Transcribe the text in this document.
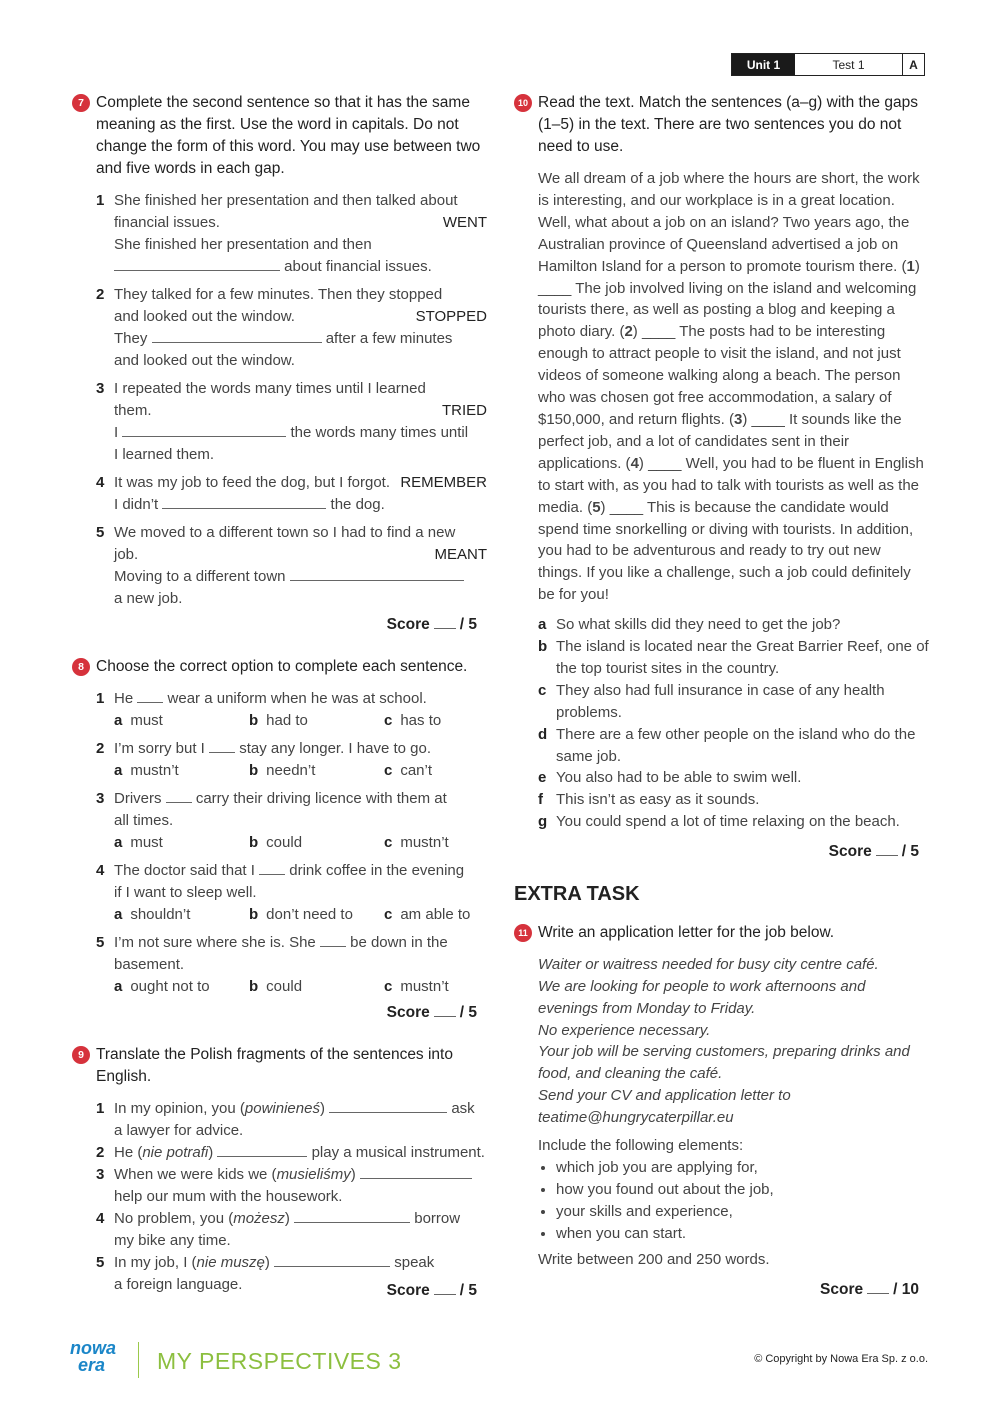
Unit 1	Test 1	A
7 Complete the second sentence so that it has the same meaning as the first. Use the word in capitals. Do not change the form of this word. You may use between two and five words in each gap.
1 She finished her presentation and then talked about
financial issues.	WENT
She finished her presentation and then
about financial issues.
2 They talked for a few minutes. Then they stopped
and looked out the window.	STOPPED
They	after a few minutes
and looked out the window.
3 I repeated the words many times until I learned
them.	TRIED
I	the words many times until
I learned them.
4 It was my job to feed the dog, but I forgot. REMEMBER
I didn’t	the dog.
5 We moved to a different town so I had to find a new
job.	MEANT
Moving to a different town
a new job.
Score / 5
8 Choose the correct option to complete each sentence.
1 He wear a uniform when he was at school.
a must	b had to	c has to
2 I’m sorry but I stay any longer. I have to go.
a mustn’t	b needn’t	c can’t
3 Drivers carry their driving licence with them at
all times.
a must	b could	c mustn’t
4 The doctor said that I drink coffee in the evening
if I want to sleep well.
a shouldn’t	b don’t need to	c am able to
5 I’m not sure where she is. She be down in the
basement.
a ought not to	b could	c mustn’t
Score / 5
9 Translate the Polish fragments of the sentences into English.
1 In my opinion, you (powinieneś)	ask
a lawyer for advice.
2 He (nie potrafi)	play a musical instrument.
3 When we were kids we (musieliśmy)
help our mum with the housework.
4 No problem, you (możesz)	borrow
my bike any time.
5 In my job, I (nie muszę)	speak
a foreign language.	Score / 5
10 Read the text. Match the sentences (a–g) with the gaps (1–5) in the text. There are two sentences you do not need to use.
We all dream of a job where the hours are short, the work is interesting, and our workplace is in a great location. Well, what about a job on an island? Two years ago, the Australian province of Queensland advertised a job on Hamilton Island for a person to promote tourism there. (1) ____ The job involved living on the island and welcoming tourists there, as well as posting a blog and keeping a photo diary. (2) ____ The posts had to be interesting enough to attract people to visit the island, and not just videos of someone walking along a beach. The person who was chosen got free accommodation, a salary of $150,000, and return flights. (3) ____ It sounds like the perfect job, and a lot of candidates sent in their applications. (4) ____ Well, you had to be fluent in English to start with, as you had to talk with tourists as well as the media. (5) ____ This is because the candidate would spend time snorkelling or diving with tourists. In addition, you had to be adventurous and ready to try out new things. If you like a challenge, such a job could definitely be for you!
a So what skills did they need to get the job?
b The island is located near the Great Barrier Reef, one of the top tourist sites in the country.
c They also had full insurance in case of any health problems.
d There are a few other people on the island who do the same job.
e You also had to be able to swim well.
f This isn’t as easy as it sounds.
g You could spend a lot of time relaxing on the beach.
Score / 5
EXTRA TASK
11 Write an application letter for the job below.
Waiter or waitress needed for busy city centre café.
We are looking for people to work afternoons and evenings from Monday to Friday.
No experience necessary.
Your job will be serving customers, preparing drinks and food, and cleaning the café.
Send your CV and application letter to teatime@hungrycaterpillar.eu
Include the following elements:
• which job you are applying for,
• how you found out about the job,
• your skills and experience,
• when you can start.
Write between 200 and 250 words.
Score / 10
nowa
era	MY PERSPECTIVES 3	© Copyright by Nowa Era Sp. z o.o.
